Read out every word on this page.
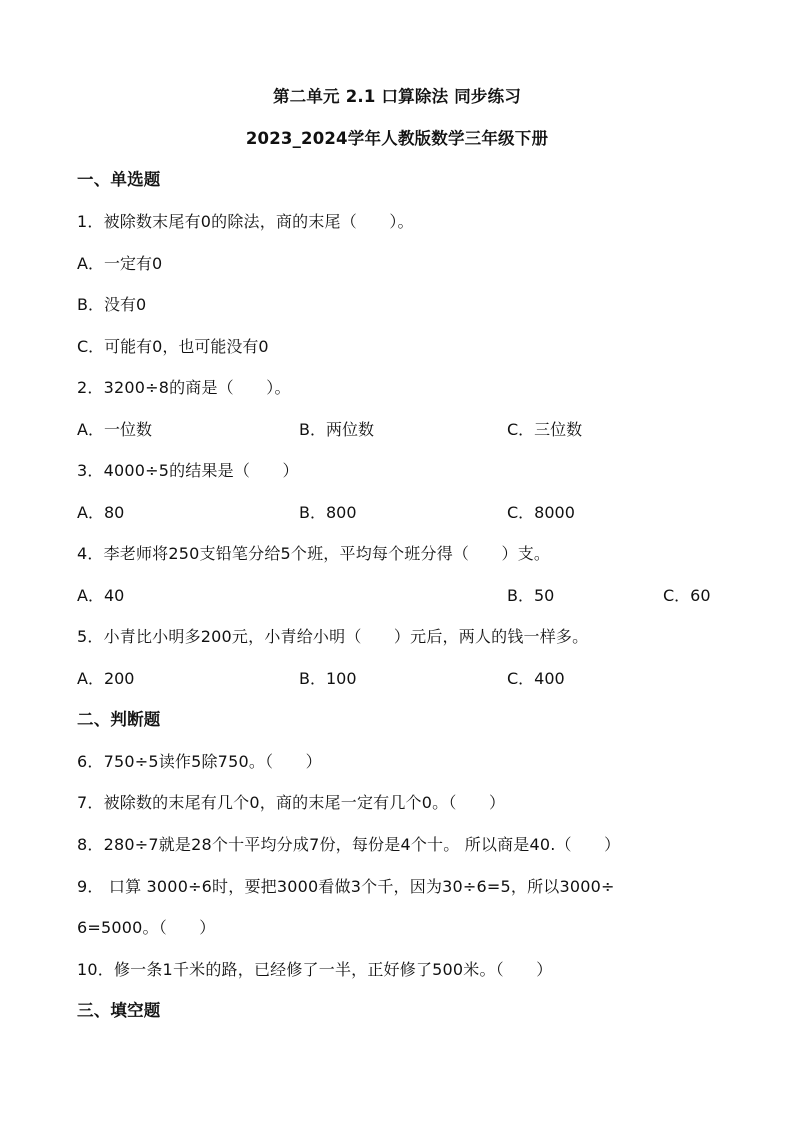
第二单元 2.1 口算除法 同步练习
2023_2024学年人教版数学三年级下册
一、单选题
1．被除数末尾有0的除法，商的末尾（　　）。
A．一定有0
B．没有0
C．可能有0，也可能没有0
2．3200÷8的商是（　　）。
A．一位数	B．两位数	C．三位数
3．4000÷5的结果是（　　）
A．80	B．800	C．8000
4．李老师将250支铅笔分给5个班，平均每个班分得（　　）支。
A．40	B．50	C．60
5．小青比小明多200元，小青给小明（　　）元后，两人的钱一样多。
A．200	B．100	C．400
二、判断题
6．750÷5读作5除750。（　　）
7．被除数的末尾有几个0，商的末尾一定有几个0。（　　）
8．280÷7就是28个十平均分成7份，每份是4个十。 所以商是40.（　　）
9． 口算 3000÷6时，要把3000看做3个千，因为30÷6=5，所以3000÷
6=5000。（　　）
10．修一条1千米的路，已经修了一半，正好修了500米。（　　）
三、填空题
